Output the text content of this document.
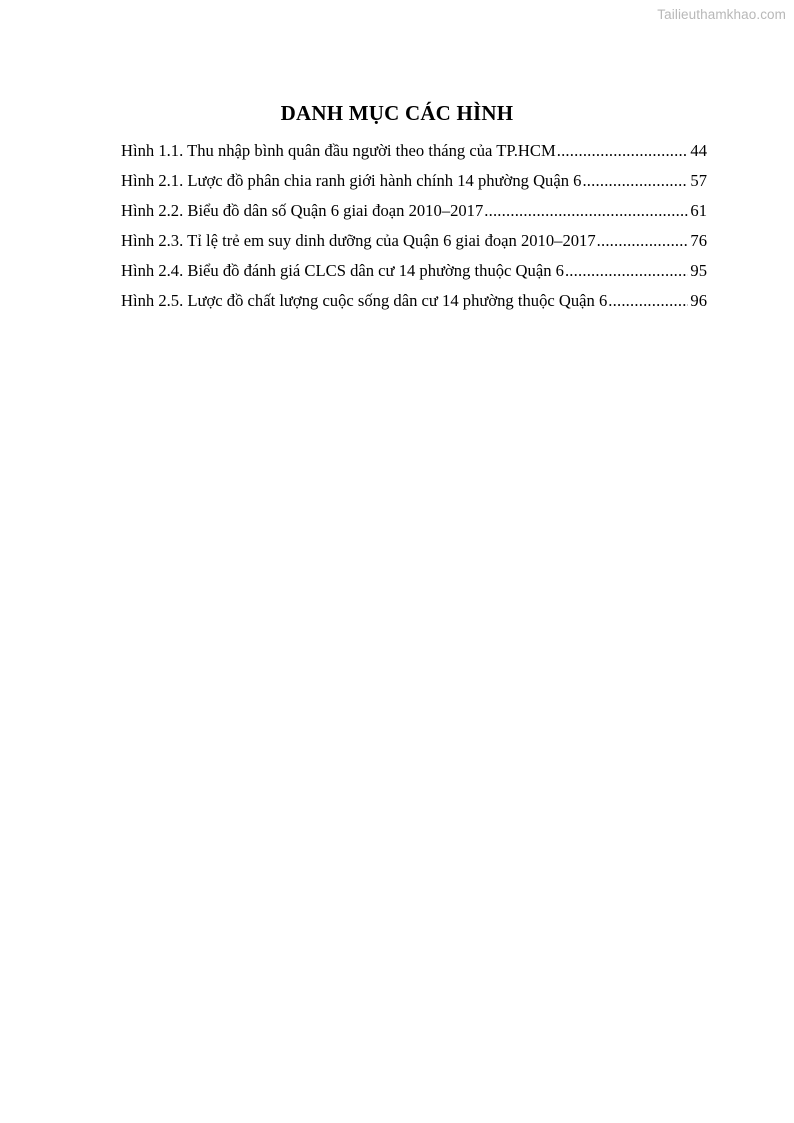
Tailieuthamkhao.com
DANH MỤC CÁC HÌNH
Hình 1.1. Thu nhập bình quân đầu người theo tháng của TP.HCM .....	44
Hình 2.1. Lược đồ phân chia ranh giới hành chính 14 phường Quận 6 .....	57
Hình 2.2. Biểu đồ dân số Quận 6 giai đoạn 2010–2017 .....	61
Hình 2.3. Tỉ lệ trẻ em suy dinh dưỡng của Quận 6 giai đoạn 2010–2017 .....	76
Hình 2.4. Biểu đồ đánh giá CLCS dân cư 14 phường thuộc Quận 6 .....	95
Hình 2.5. Lược đồ chất lượng cuộc sống dân cư 14 phường thuộc Quận 6 .....	96
